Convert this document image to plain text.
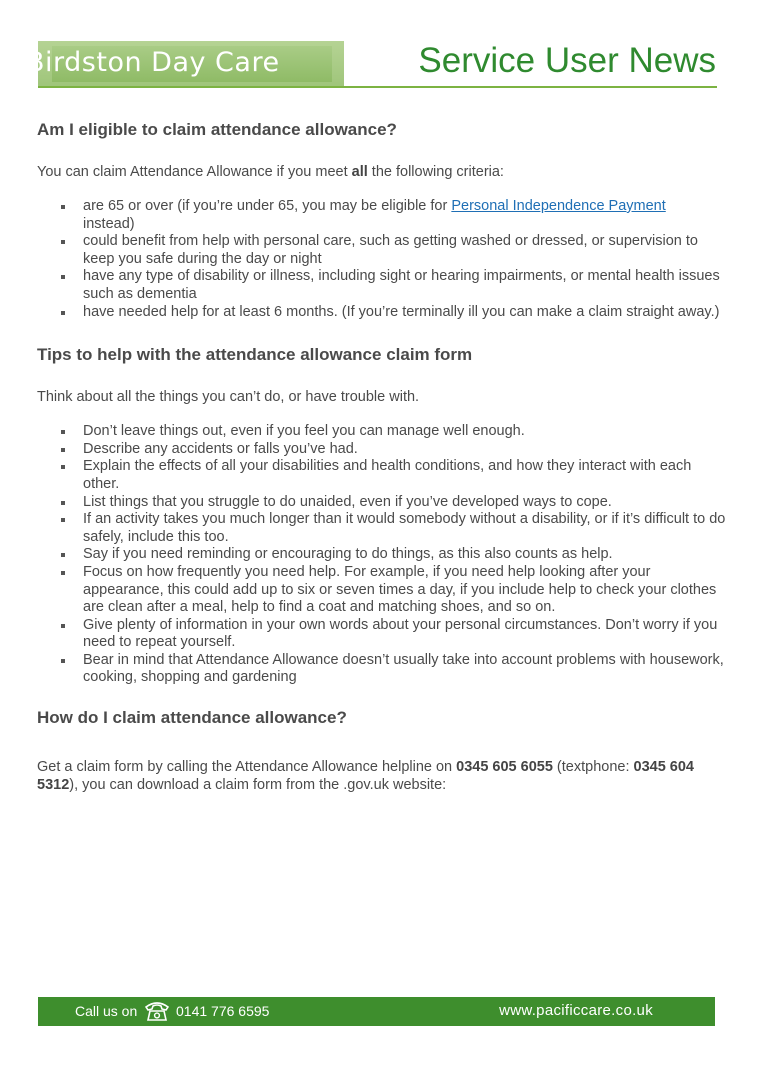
Birdston Day Care	Service User News
Am I eligible to claim attendance allowance?

You can claim Attendance Allowance if you meet all the following criteria:

are 65 or over (if you’re under 65, you may be eligible for Personal Independence Payment instead)
could benefit from help with personal care, such as getting washed or dressed, or supervision to keep you safe during the day or night
have any type of disability or illness, including sight or hearing impairments, or mental health issues such as dementia
have needed help for at least 6 months. (If you’re terminally ill you can make a claim straight away.)
Tips to help with the attendance allowance claim form

Think about all the things you can’t do, or have trouble with.

Don’t leave things out, even if you feel you can manage well enough.
Describe any accidents or falls you’ve had.
Explain the effects of all your disabilities and health conditions, and how they interact with each other.
List things that you struggle to do unaided, even if you’ve developed ways to cope.
If an activity takes you much longer than it would somebody without a disability, or if it’s difficult to do safely, include this too.
Say if you need reminding or encouraging to do things, as this also counts as help.
Focus on how frequently you need help. For example, if you need help looking after your appearance, this could add up to six or seven times a day, if you include help to check your clothes are clean after a meal, help to find a coat and matching shoes, and so on.
Give plenty of information in your own words about your personal circumstances. Don’t worry if you need to repeat yourself.
Bear in mind that Attendance Allowance doesn’t usually take into account problems with housework, cooking, shopping and gardening
How do I claim attendance allowance?

Get a claim form by calling the Attendance Allowance helpline on 0345 605 6055 (textphone: 0345 604 5312), you can download a claim form from the .gov.uk website:

Call us on	0141 776 6595	www.pacificcare.co.uk
